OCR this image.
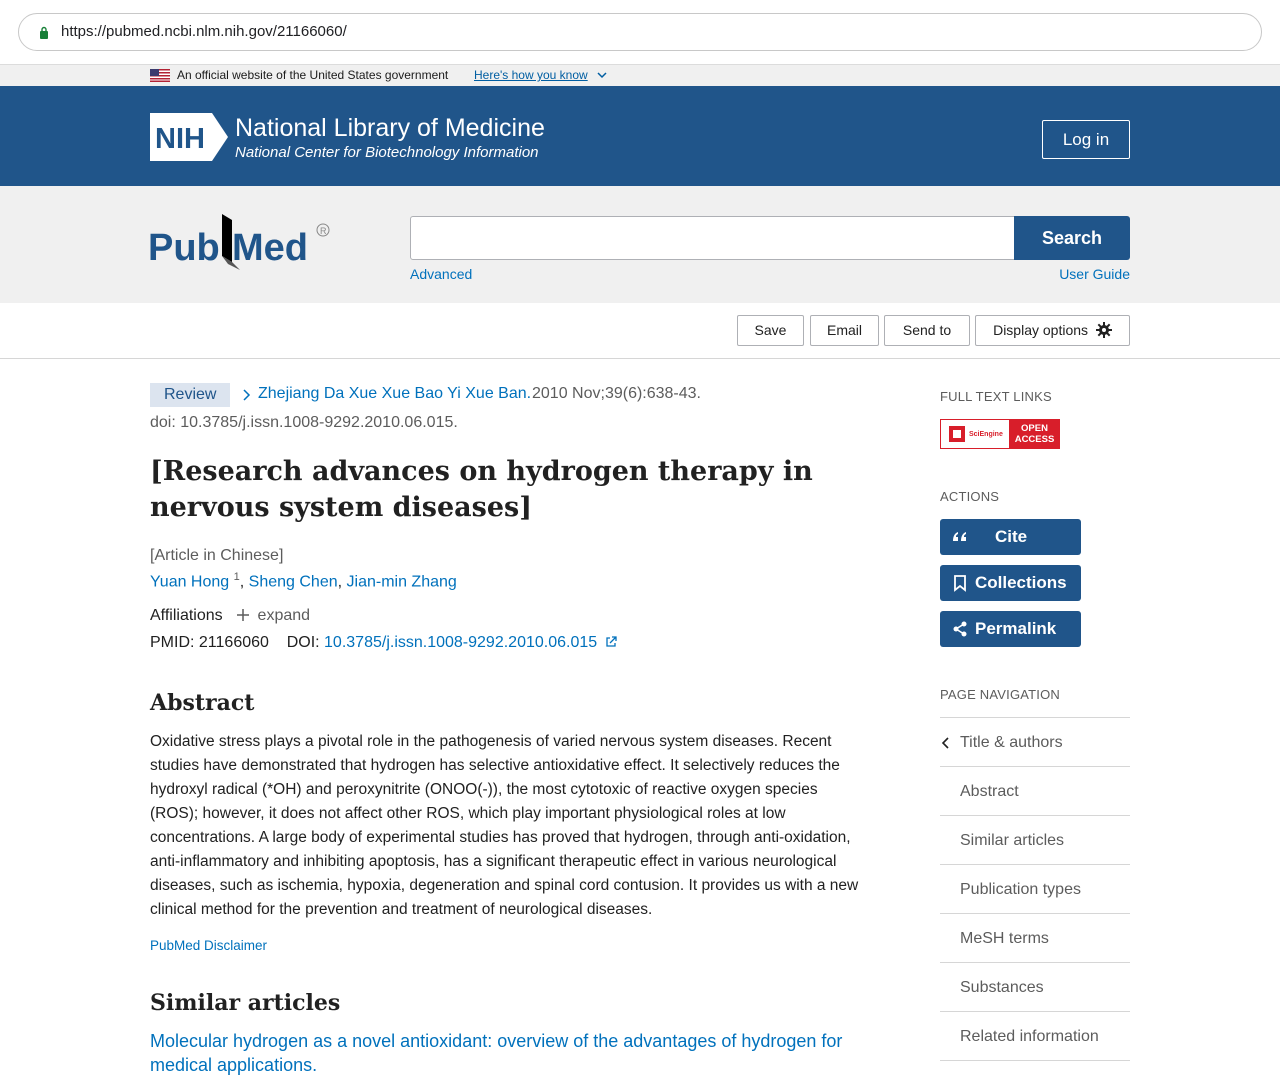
https://pubmed.ncbi.nlm.nih.gov/21166060/
An official website of the United States government Here's how you know
NIH National Library of Medicine
National Center for Biotechnology Information
Log in
Pub Med R	Search
Advanced	User Guide
Save	Email	Send to	Display options
Review	Zhejiang Da Xue Xue Bao Yi Xue Ban. 2010 Nov;39(6):638-43.
doi: 10.3785/j.issn.1008-9292.2010.06.015.
[Research advances on hydrogen therapy in nervous system diseases]
[Article in Chinese]
Yuan Hong $^1$, Sheng Chen, Jian-min Zhang
Affiliations expand
PMID: 21166060 DOI: 10.3785/j.issn.1008-9292.2010.06.015
Abstract

Oxidative stress plays a pivotal role in the pathogenesis of varied nervous system diseases. Recent studies have demonstrated that hydrogen has selective antioxidative effect. It selectively reduces the hydroxyl radical (*OH) and peroxynitrite (ONOO(-)), the most cytotoxic of reactive oxygen species (ROS); however, it does not affect other ROS, which play important physiological roles at low concentrations. A large body of experimental studies has proved that hydrogen, through anti-oxidation, anti-inflammatory and inhibiting apoptosis, has a significant therapeutic effect in various neurological diseases, such as ischemia, hypoxia, degeneration and spinal cord contusion. It provides us with a new clinical method for the prevention and treatment of neurological diseases.

PubMed Disclaimer
Similar articles
Molecular hydrogen as a novel antioxidant: overview of the advantages of hydrogen for medical applications.
FULL TEXT LINKS
SciEngine
OPEN
ACCESS
ACTIONS
Cite
Collections
Permalink
PAGE NAVIGATION
Title & authors
Abstract
Similar articles
Publication types
MeSH terms
Substances
Related information
